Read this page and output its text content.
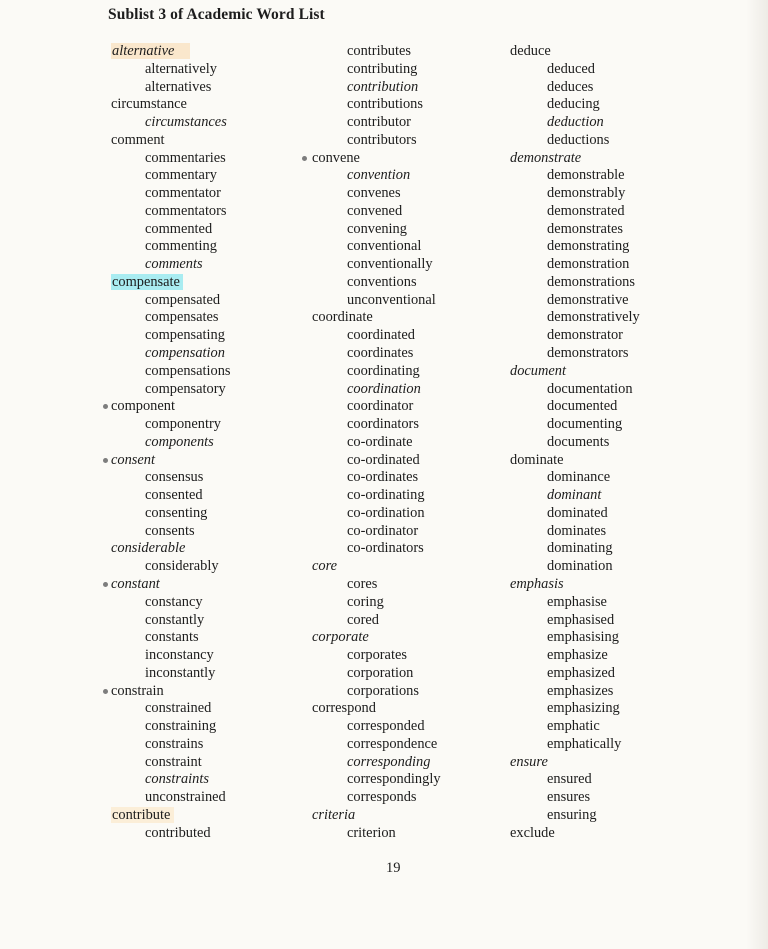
Sublist 3 of Academic Word List
alternative
alternatively
alternatives
circumstance
circumstances
comment
commentaries
commentary
commentator
commentators
commented
commenting
comments
compensate
compensated
compensates
compensating
compensation
compensations
compensatory
component
componentry
components
consent
consensus
consented
consenting
consents
considerable
considerably
constant
constancy
constantly
constants
inconstancy
inconstantly
constrain
constrained
constraining
constrains
constraint
constraints
unconstrained
contribute
contributed
contributes
contributing
contribution
contributions
contributor
contributors
convene
convention
convenes
convened
convening
conventional
conventionally
conventions
unconventional
coordinate
coordinated
coordinates
coordinating
coordination
coordinator
coordinators
co-ordinate
co-ordinated
co-ordinates
co-ordinating
co-ordination
co-ordinator
co-ordinators
core
cores
coring
cored
corporate
corporates
corporation
corporations
correspond
corresponded
correspondence
corresponding
correspondingly
corresponds
criteria
criterion
deduce
deduced
deduces
deducing
deduction
deductions
demonstrate
demonstrable
demonstrably
demonstrated
demonstrates
demonstrating
demonstration
demonstrations
demonstrative
demonstratively
demonstrator
demonstrators
document
documentation
documented
documenting
documents
dominate
dominance
dominant
dominated
dominates
dominating
domination
emphasis
emphasise
emphasised
emphasising
emphasize
emphasized
emphasizes
emphasizing
emphatic
emphatically
ensure
ensured
ensures
ensuring
exclude
19
